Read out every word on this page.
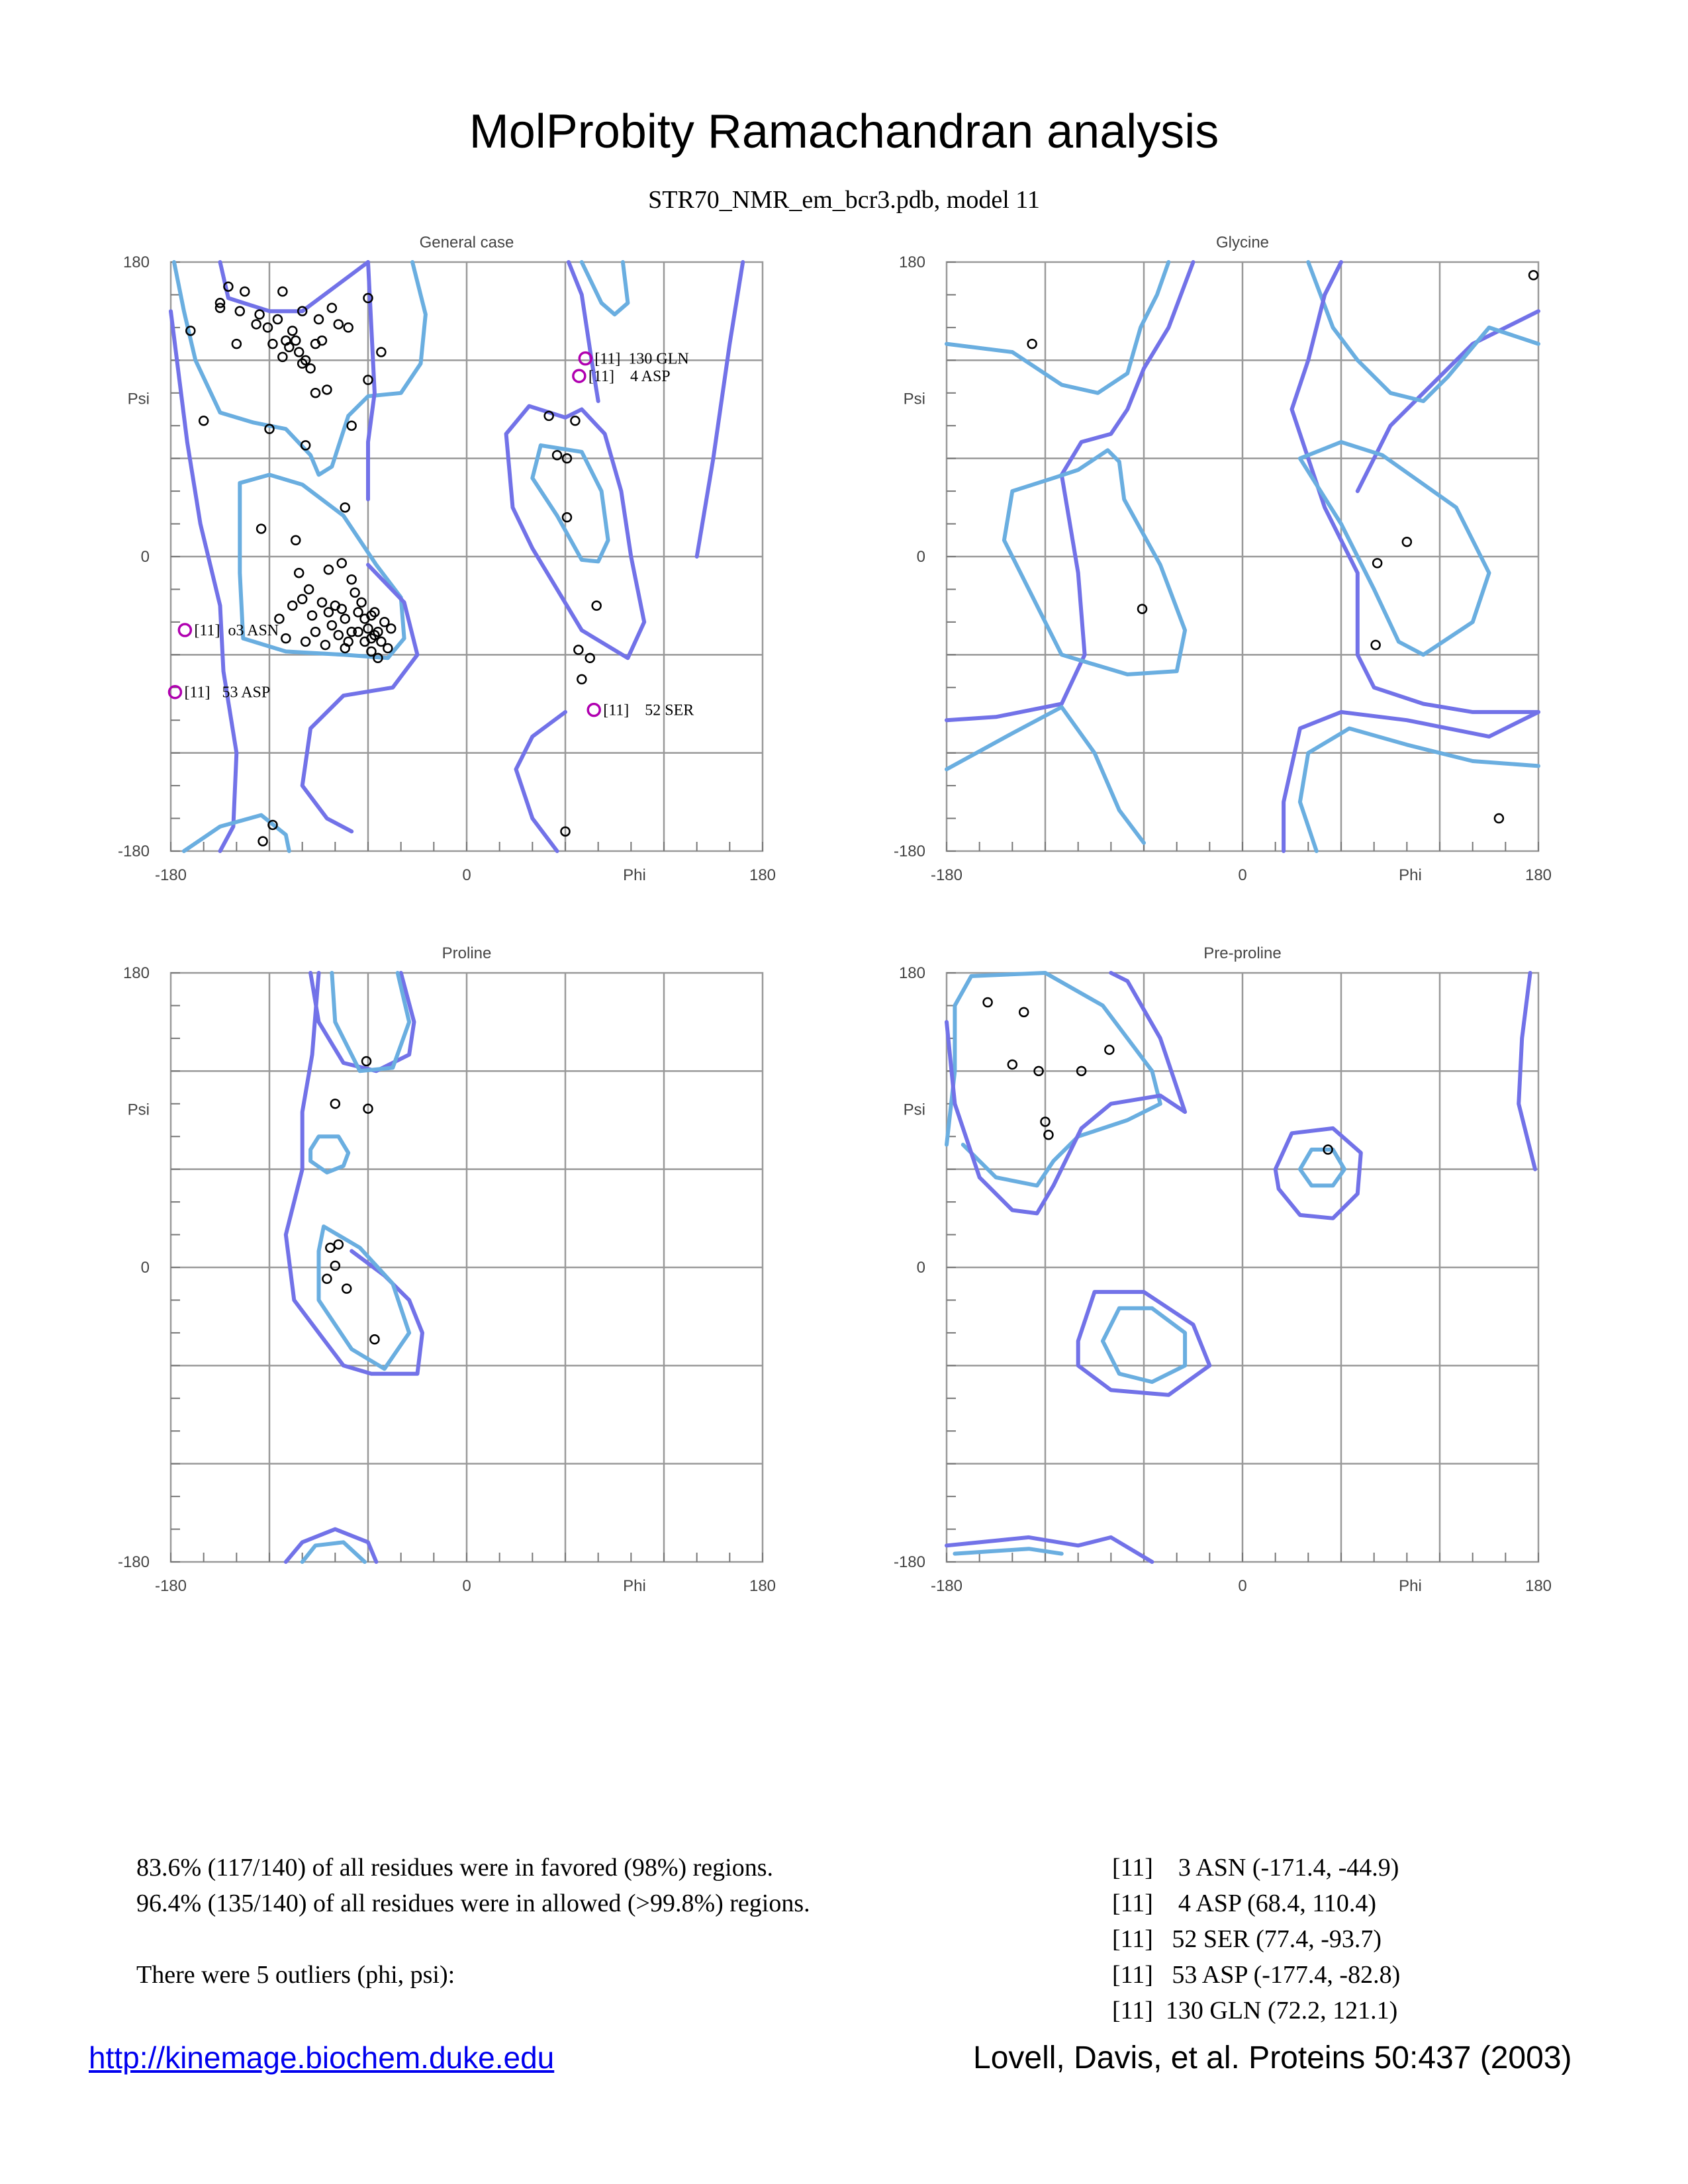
MolProbity Ramachandran analysis
STR70_NMR_em_bcr3.pdb, model 11
General case
-180
-180
0
0
180
180
Phi
Psi
[11]  130 GLN
[11]    4 ASP
[11]  o3 ASN
[11]   53 ASP
[11]    52 SER
Glycine
-180
-180
0
0
180
180
Phi
Psi
Proline
-180
-180
0
0
180
180
Phi
Psi
Pre-proline
-180
-180
0
0
180
180
Phi
Psi
83.6% (117/140) of all residues were in favored (98%) regions.
96.4% (135/140) of all residues were in allowed (>99.8%) regions.
There were 5 outliers (phi, psi):
[11]    3 ASN (-171.4, -44.9)
[11]    4 ASP (68.4, 110.4)
[11]   52 SER (77.4, -93.7)
[11]   53 ASP (-177.4, -82.8)
[11]  130 GLN (72.2, 121.1)
http://kinemage.biochem.duke.edu	Lovell, Davis, et al. Proteins 50:437 (2003)
